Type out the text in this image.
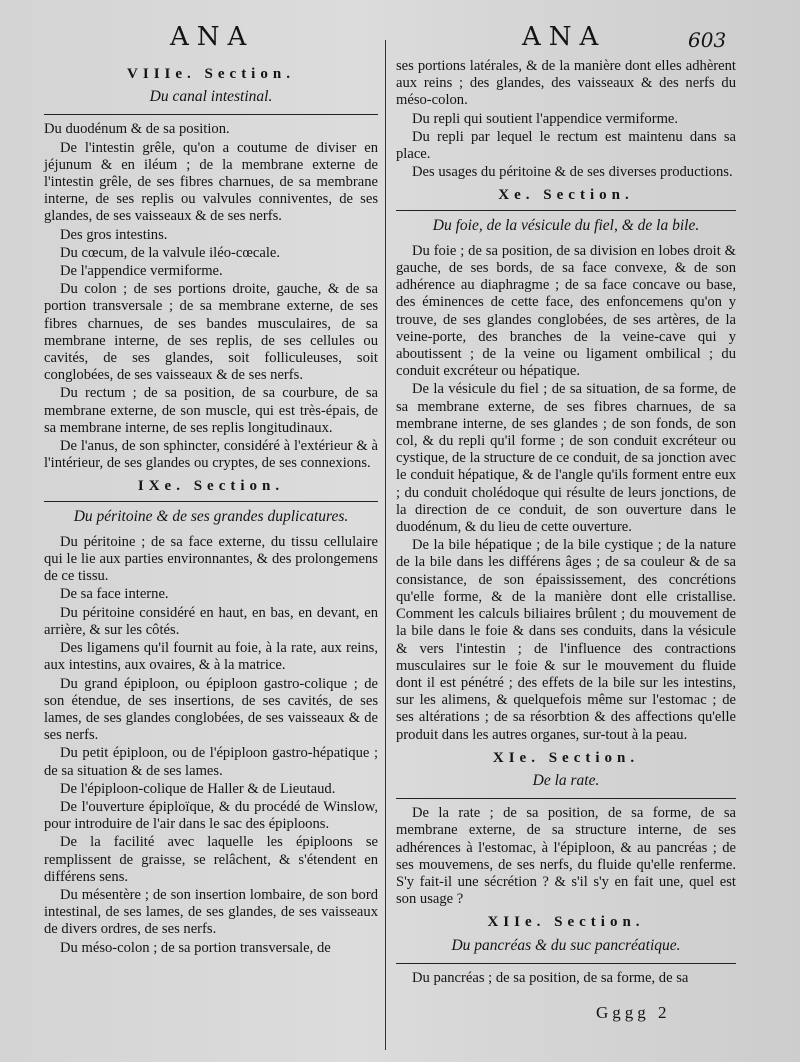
ANA	ANA	603
VIIIe. Section.
Du canal intestinal.

Du duodénum & de sa position.

De l'intestin grêle, qu'on a coutume de diviser en jéjunum & en iléum ; de la membrane externe de l'intestin grêle, de ses fibres charnues, de sa membrane interne, de ses replis ou valvules conniventes, de ses glandes, de ses vaisseaux & de ses nerfs.

Des gros intestins.

Du cœcum, de la valvule iléo-cœcale.

De l'appendice vermiforme.

Du colon ; de ses portions droite, gauche, & de sa portion transversale ; de sa membrane externe, de ses fibres charnues, de ses bandes musculaires, de sa membrane interne, de ses replis, de ses cellules ou cavités, de ses glandes, soit folliculeuses, soit conglobées, de ses vaisseaux & de ses nerfs.

Du rectum ; de sa position, de sa courbure, de sa membrane externe, de son muscle, qui est très-épais, de sa membrane interne, de ses replis longitudinaux.

De l'anus, de son sphincter, considéré à l'extérieur & à l'intérieur, de ses glandes ou cryptes, de ses connexions.

IXe. Section.
Du péritoine & de ses grandes duplicatures.

Du péritoine ; de sa face externe, du tissu cellulaire qui le lie aux parties environnantes, & des prolongemens de ce tissu.

De sa face interne.

Du péritoine considéré en haut, en bas, en devant, en arrière, & sur les côtés.

Des ligamens qu'il fournit au foie, à la rate, aux reins, aux intestins, aux ovaires, & à la matrice.

Du grand épiploon, ou épiploon gastro-colique ; de son étendue, de ses insertions, de ses cavités, de ses lames, de ses glandes conglobées, de ses vaisseaux & de ses nerfs.

Du petit épiploon, ou de l'épiploon gastro-hépatique ; de sa situation & de ses lames.

De l'épiploon-colique de Haller & de Lieutaud.

De l'ouverture épiploïque, & du procédé de Winslow, pour introduire de l'air dans le sac des épiploons.

De la facilité avec laquelle les épiploons se remplissent de graisse, se relâchent, & s'étendent en différens sens.

Du mésentère ; de son insertion lombaire, de son bord intestinal, de ses lames, de ses glandes, de ses vaisseaux de divers ordres, de ses nerfs.

Du méso-colon ; de sa portion transversale, de

ses portions latérales, & de la manière dont elles adhèrent aux reins ; des glandes, des vaisseaux & des nerfs du méso-colon.

Du repli qui soutient l'appendice vermiforme.

Du repli par lequel le rectum est maintenu dans sa place.

Des usages du péritoine & de ses diverses productions.

Xe. Section.
Du foie, de la vésicule du fiel, & de la bile.

Du foie ; de sa position, de sa division en lobes droit & gauche, de ses bords, de sa face convexe, & de son adhérence au diaphragme ; de sa face concave ou base, des éminences de cette face, des enfoncemens qu'on y trouve, de ses glandes conglobées, de ses artères, de la veine-porte, des branches de la veine-cave qui y aboutissent ; de la veine ou ligament ombilical ; du conduit excréteur ou hépatique.

De la vésicule du fiel ; de sa situation, de sa forme, de sa membrane externe, de ses fibres charnues, de sa membrane interne, de ses glandes ; de son fonds, de son col, & du repli qu'il forme ; de son conduit excréteur ou cystique, de la structure de ce conduit, de sa jonction avec le conduit hépatique, & de l'angle qu'ils forment entre eux ; du conduit cholédoque qui résulte de leurs jonctions, de la direction de ce conduit, de son ouverture dans le duodénum, & du lieu de cette ouverture.

De la bile hépatique ; de la bile cystique ; de la nature de la bile dans les différens âges ; de sa couleur & de sa consistance, de son épaississement, des concrétions qu'elle forme, & de la manière dont elle cristallise. Comment les calculs biliaires brûlent ; du mouvement de la bile dans le foie & dans ses conduits, dans la vésicule & vers l'intestin ; de l'influence des contractions musculaires sur le foie & sur le mouvement du fluide dont il est pénétré ; des effets de la bile sur les intestins, sur les alimens, & quelquefois même sur l'estomac ; de ses altérations ; de sa résorbtion & des affections qu'elle produit dans les autres organes, sur-tout à la peau.

XIe. Section.
De la rate.

De la rate ; de sa position, de sa forme, de sa membrane externe, de sa structure interne, de ses adhérences à l'estomac, à l'épiploon, & au pancréas ; de ses mouvemens, de ses nerfs, du fluide qu'elle renferme. S'y fait-il une sécrétion ? & s'il s'y en fait une, quel est son usage ?

XIIe. Section.
Du pancréas & du suc pancréatique.

Du pancréas ; de sa position, de sa forme, de sa

Gggg 2
